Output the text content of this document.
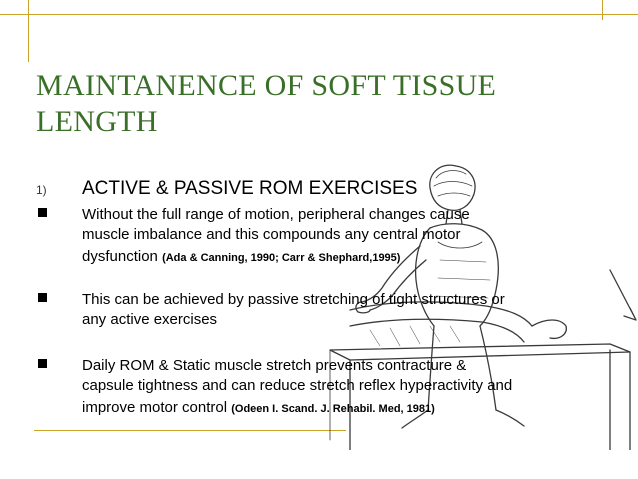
MAINTANENCE OF SOFT TISSUE
LENGTH
1) ACTIVE & PASSIVE ROM EXERCISES
Without the full range of motion, peripheral changes cause
muscle imbalance and this compounds any central motor
dysfunction (Ada & Canning, 1990; Carr & Shephard,1995)
This can be achieved by passive stretching of tight structures or
any active exercises
Daily ROM & Static muscle stretch prevents contracture &
capsule tightness and can reduce stretch reflex hyperactivity and
improve motor control (Odeen I. Scand. J. Rehabil. Med, 1981)
